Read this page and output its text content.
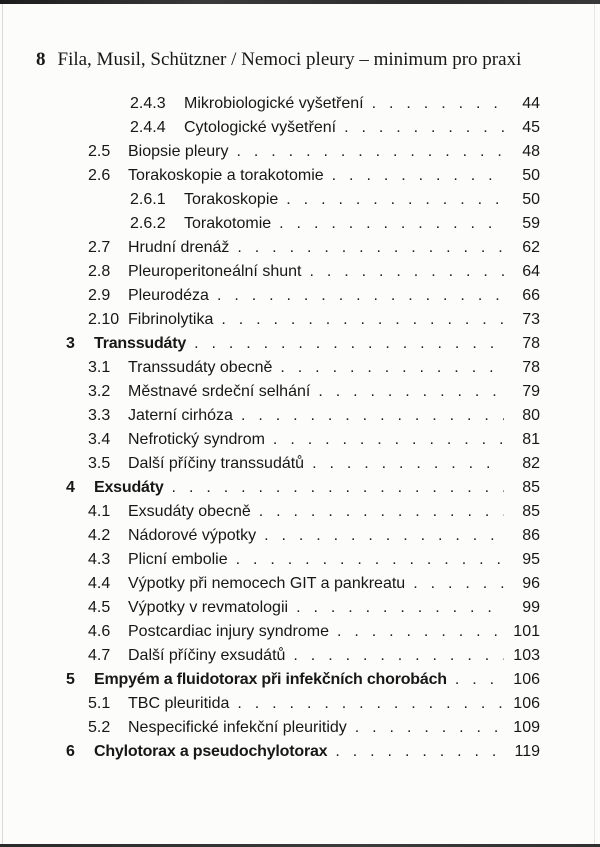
8 Fila, Musil, Schützner / Nemoci pleury – minimum pro praxi
2.4.3	Mikrobiologické vyšetření . . .	44
2.4.4	Cytologické vyšetření . . .	45
2.5	Biopsie pleury . . .	48
2.6	Torakoskopie a torakotomie . . .	50
2.6.1	Torakoskopie . . .	50
2.6.2	Torakotomie . . .	59
2.7	Hrudní drenáž . . .	62
2.8	Pleuroperitoneální shunt . . .	64
2.9	Pleurodéza . . .	66
2.10 Fibrinolytika . . .	73
3	Transsudáty . . .	78
3.1	Transsudáty obecně . . .	78
3.2	Městnavé srdeční selhání . . .	79
3.3	Jaterní cirhóza . . .	80
3.4	Nefrotický syndrom . . .	81
3.5	Další příčiny transsudátů . . .	82
4	Exsudáty . . .	85
4.1	Exsudáty obecně . . .	85
4.2	Nádorové výpotky . . .	86
4.3	Plicní embolie . . .	95
4.4	Výpotky při nemocech GIT a pankreatu . . .	96
4.5	Výpotky v revmatologii . . .	99
4.6	Postcardiac injury syndrome . . .	101
4.7	Další příčiny exsudátů . . .	103
5	Empyém a fluidotorax při infekčních chorobách . . .	106
5.1	TBC pleuritida . . .	106
5.2	Nespecifické infekční pleuritidy . . .	109
6	Chylotorax a pseudochylotorax . . .	119
